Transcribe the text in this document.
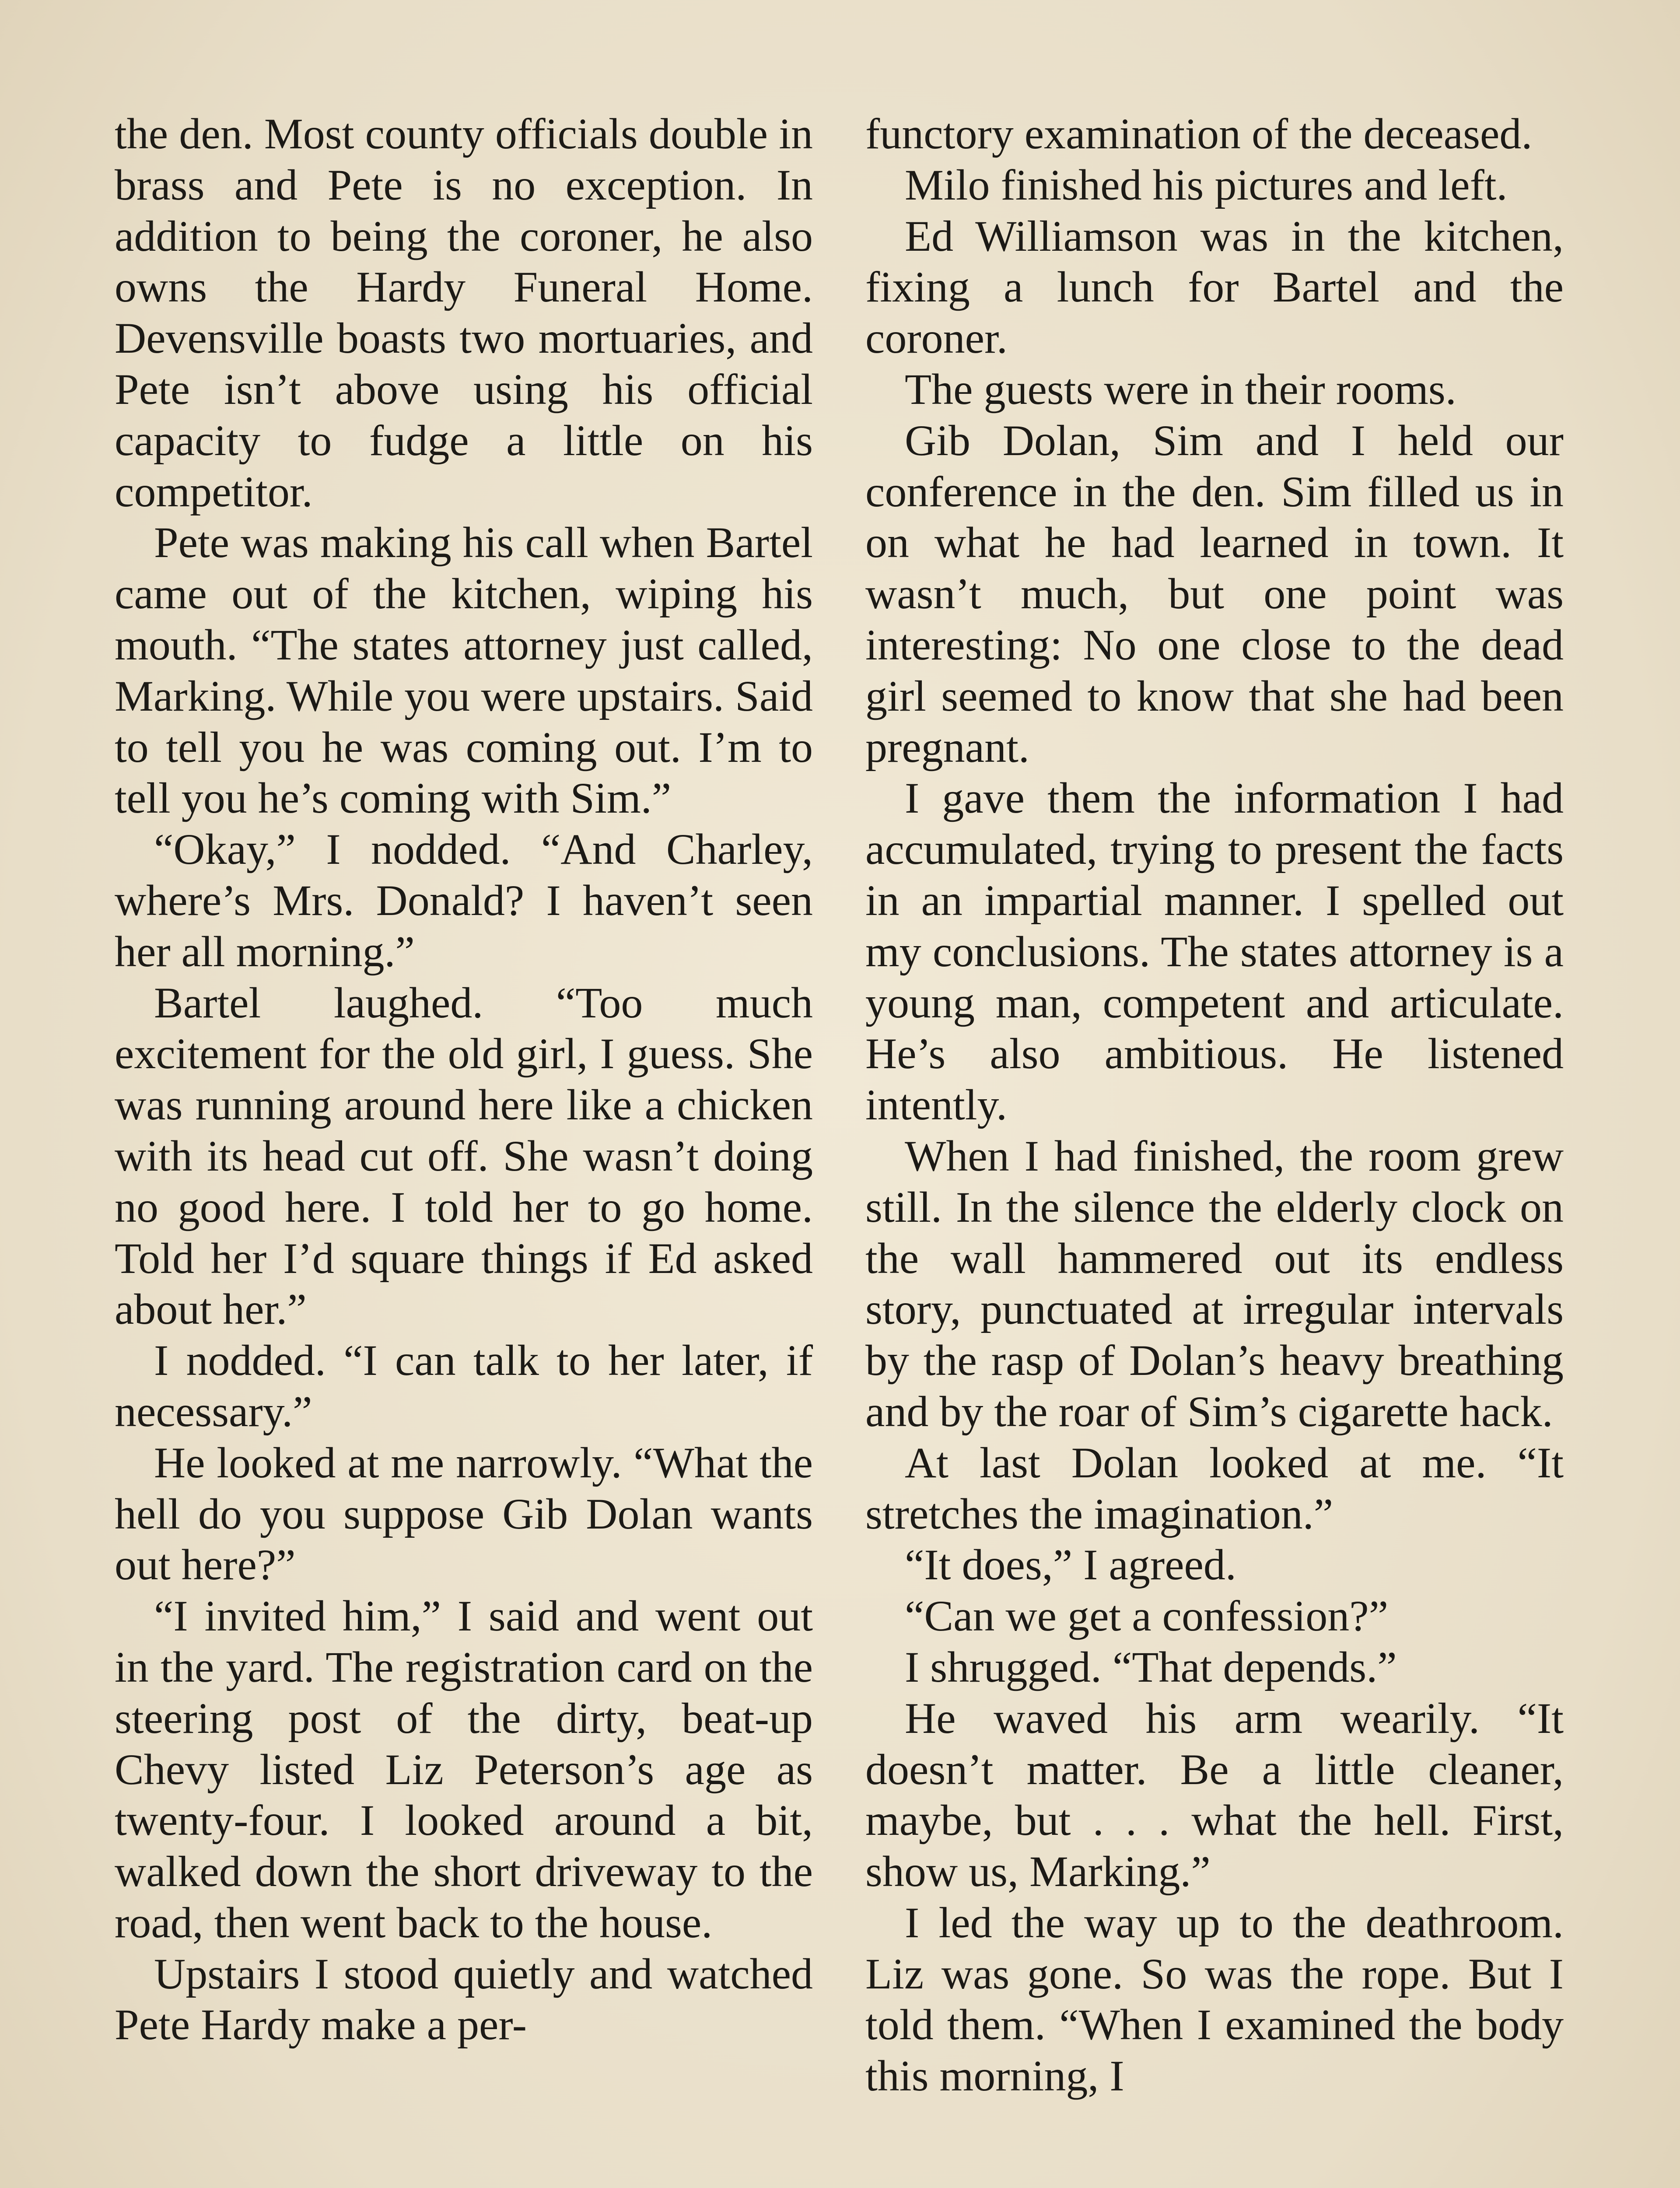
the den. Most county officials double in brass and Pete is no exception. In addition to being the coroner, he also owns the Hardy Funeral Home. Devensville boasts two mortuaries, and Pete isn’t above using his official capacity to fudge a little on his competitor.

Pete was making his call when Bartel came out of the kitchen, wiping his mouth. “The states attorney just called, Marking. While you were upstairs. Said to tell you he was coming out. I’m to tell you he’s coming with Sim.”

“Okay,” I nodded. “And Charley, where’s Mrs. Donald? I haven’t seen her all morning.”

Bartel laughed. “Too much excitement for the old girl, I guess. She was running around here like a chicken with its head cut off. She wasn’t doing no good here. I told her to go home. Told her I’d square things if Ed asked about her.”

I nodded. “I can talk to her later, if necessary.”

He looked at me narrowly. “What the hell do you suppose Gib Dolan wants out here?”

“I invited him,” I said and went out in the yard. The registration card on the steering post of the dirty, beat-up Chevy listed Liz Peterson’s age as twenty-four. I looked around a bit, walked down the short driveway to the road, then went back to the house.

Upstairs I stood quietly and watched Pete Hardy make a per-

functory examination of the deceased.

Milo finished his pictures and left.

Ed Williamson was in the kitchen, fixing a lunch for Bartel and the coroner.

The guests were in their rooms.

Gib Dolan, Sim and I held our conference in the den. Sim filled us in on what he had learned in town. It wasn’t much, but one point was interesting: No one close to the dead girl seemed to know that she had been pregnant.

I gave them the information I had accumulated, trying to present the facts in an impartial manner. I spelled out my conclusions. The states attorney is a young man, competent and articulate. He’s also ambitious. He listened intently.

When I had finished, the room grew still. In the silence the elderly clock on the wall hammered out its endless story, punctuated at irregular intervals by the rasp of Dolan’s heavy breathing and by the roar of Sim’s cigarette hack.

At last Dolan looked at me. “It stretches the imagination.”

“It does,” I agreed.

“Can we get a confession?”

I shrugged. “That depends.”

He waved his arm wearily. “It doesn’t matter. Be a little cleaner, maybe, but . . . what the hell. First, show us, Marking.”

I led the way up to the deathroom. Liz was gone. So was the rope. But I told them. “When I examined the body this morning, I
